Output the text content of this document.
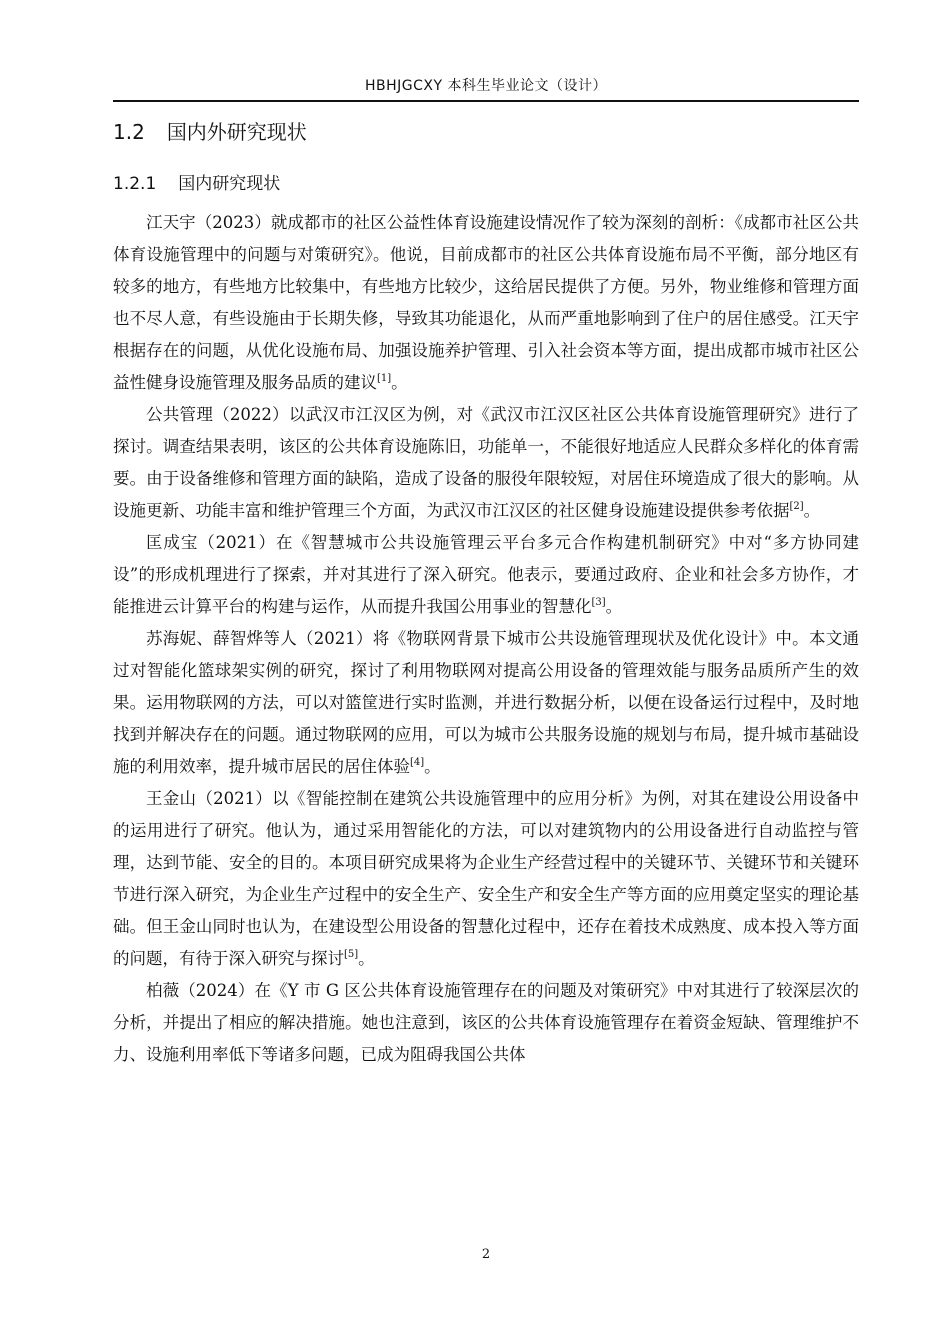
HBHJGCXY 本科生毕业论文（设计）
1.2 国内外研究现状
1.2.1 国内研究现状

江天宇（2023）就成都市的社区公益性体育设施建设情况作了较为深刻的剖析：《成都市社区公共体育设施管理中的问题与对策研究》。他说，目前成都市的社区公共体育设施布局不平衡，部分地区有较多的地方，有些地方比较集中，有些地方比较少，这给居民提供了方便。另外，物业维修和管理方面也不尽人意，有些设施由于长期失修，导致其功能退化，从而严重地影响到了住户的居住感受。江天宇根据存在的问题，从优化设施布局、加强设施养护管理、引入社会资本等方面，提出成都市城市社区公益性健身设施管理及服务品质的建议[1]。

公共管理（2022）以武汉市江汉区为例，对《武汉市江汉区社区公共体育设施管理研究》进行了探讨。调查结果表明，该区的公共体育设施陈旧，功能单一，不能很好地适应人民群众多样化的体育需要。由于设备维修和管理方面的缺陷，造成了设备的服役年限较短，对居住环境造成了很大的影响。从设施更新、功能丰富和维护管理三个方面，为武汉市江汉区的社区健身设施建设提供参考依据[2]。

匡成宝（2021）在《智慧城市公共设施管理云平台多元合作构建机制研究》中对“多方协同建设”的形成机理进行了探索，并对其进行了深入研究。他表示，要通过政府、企业和社会多方协作，才能推进云计算平台的构建与运作，从而提升我国公用事业的智慧化[3]。

苏海妮、薛智烨等人（2021）将《物联网背景下城市公共设施管理现状及优化设计》中。本文通过对智能化篮球架实例的研究，探讨了利用物联网对提高公用设备的管理效能与服务品质所产生的效果。运用物联网的方法，可以对篮筐进行实时监测，并进行数据分析，以便在设备运行过程中，及时地找到并解决存在的问题。通过物联网的应用，可以为城市公共服务设施的规划与布局，提升城市基础设施的利用效率，提升城市居民的居住体验[4]。

王金山（2021）以《智能控制在建筑公共设施管理中的应用分析》为例，对其在建设公用设备中的运用进行了研究。他认为，通过采用智能化的方法，可以对建筑物内的公用设备进行自动监控与管理，达到节能、安全的目的。本项目研究成果将为企业生产经营过程中的关键环节、关键环节和关键环节进行深入研究，为企业生产过程中的安全生产、安全生产和安全生产等方面的应用奠定坚实的理论基础。但王金山同时也认为，在建设型公用设备的智慧化过程中，还存在着技术成熟度、成本投入等方面的问题，有待于深入研究与探讨[5]。

柏薇（2024）在《Y 市 G 区公共体育设施管理存在的问题及对策研究》中对其进行了较深层次的分析，并提出了相应的解决措施。她也注意到，该区的公共体育设施管理存在着资金短缺、管理维护不力、设施利用率低下等诸多问题，已成为阻碍我国公共体

2
